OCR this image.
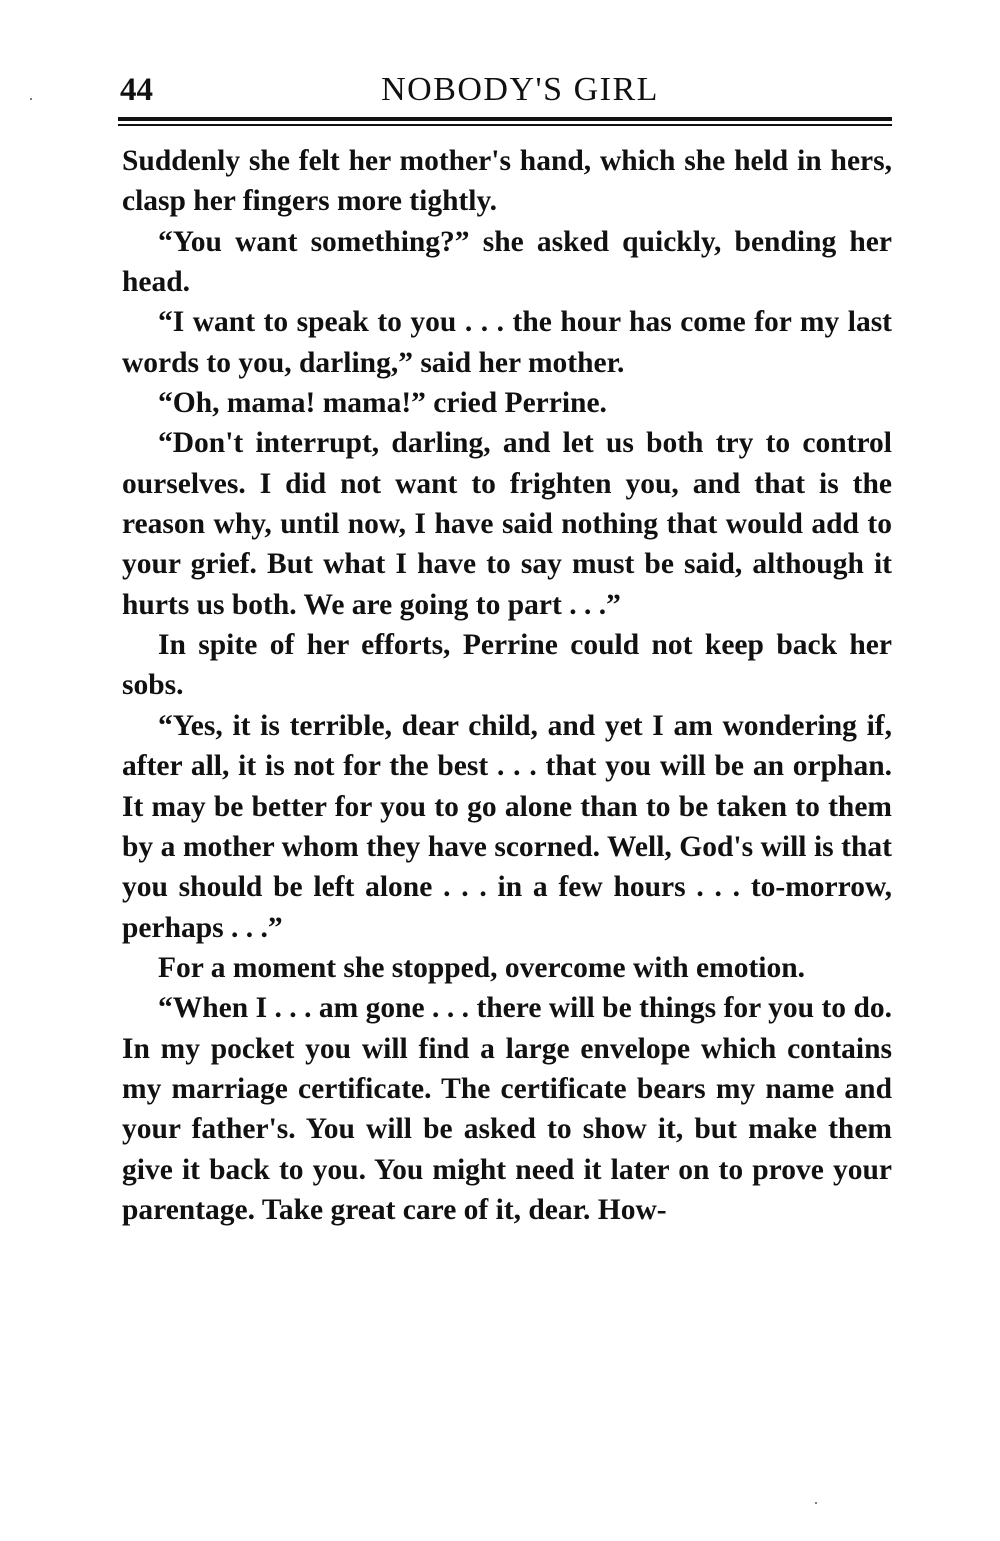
44	NOBODY'S GIRL

Suddenly she felt her mother's hand, which she held in hers, clasp her fingers more tightly.

“You want something?” she asked quickly, bending her head.

“I want to speak to you . . . the hour has come for my last words to you, darling,” said her mother.

“Oh, mama! mama!” cried Perrine.

“Don't interrupt, darling, and let us both try to control ourselves. I did not want to frighten you, and that is the reason why, until now, I have said nothing that would add to your grief. But what I have to say must be said, although it hurts us both. We are going to part . . .”

In spite of her efforts, Perrine could not keep back her sobs.

“Yes, it is terrible, dear child, and yet I am wondering if, after all, it is not for the best . . . that you will be an orphan. It may be better for you to go alone than to be taken to them by a mother whom they have scorned. Well, God's will is that you should be left alone . . . in a few hours . . . to-morrow, perhaps . . .”

For a moment she stopped, overcome with emotion.

“When I . . . am gone . . . there will be things for you to do. In my pocket you will find a large envelope which contains my marriage certificate. The certificate bears my name and your father's. You will be asked to show it, but make them give it back to you. You might need it later on to prove your parentage. Take great care of it, dear. How-
